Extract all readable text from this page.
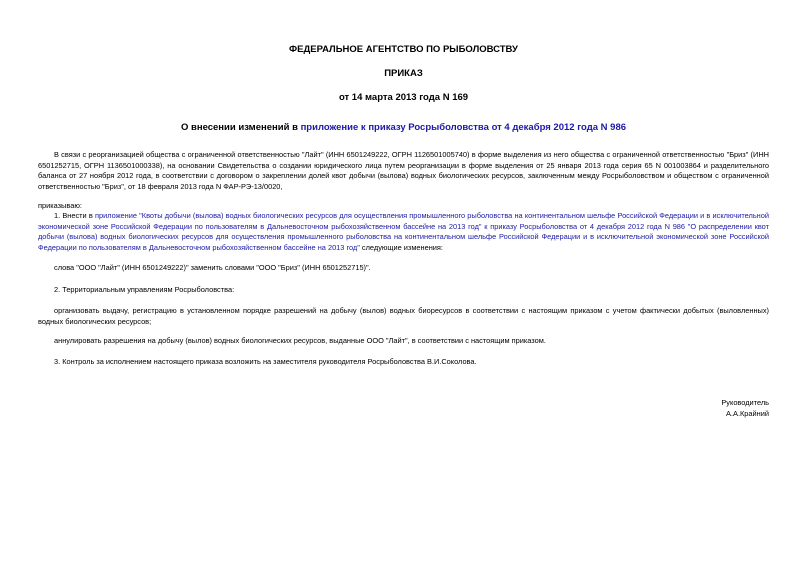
ФЕДЕРАЛЬНОЕ АГЕНТСТВО ПО РЫБОЛОВСТВУ

ПРИКАЗ

от 14 марта 2013 года N 169

О внесении изменений в приложение к приказу Росрыболовства от 4 декабря 2012 года N 986

В связи с реорганизацией общества с ограниченной ответственностью "Лайт" (ИНН 6501249222, ОГРН 1126501005740) в форме выделения из него общества с ограниченной ответственностью "Бриз" (ИНН 6501252715, ОГРН 1136501000338), на основании Свидетельства о создании юридического лица путем реорганизации в форме выделения от 25 января 2013 года серия 65 N 001003864 и разделительного баланса от 27 ноября 2012 года, в соответствии с договором о закреплении долей квот добычи (вылова) водных биологических ресурсов, заключенным между Росрыболовством и обществом с ограниченной ответственностью "Бриз", от 18 февраля 2013 года N ФАР-РЭ-13/0020,

приказываю:

1. Внести в приложение "Квоты добычи (вылова) водных биологических ресурсов для осуществления промышленного рыболовства на континентальном шельфе Российской Федерации и в исключительной экономической зоне Российской Федерации по пользователям в Дальневосточном рыбохозяйственном бассейне на 2013 год" к приказу Росрыболовства от 4 декабря 2012 года N 986 "О распределении квот добычи (вылова) водных биологических ресурсов для осуществления промышленного рыболовства на континентальном шельфе Российской Федерации и в исключительной экономической зоне Российской Федерации по пользователям в Дальневосточном рыбохозяйственном бассейне на 2013 год" следующие изменения:

слова "ООО "Лайт" (ИНН 6501249222)" заменить словами "ООО "Бриз" (ИНН 6501252715)".

2. Территориальным управлениям Росрыболовства:

организовать выдачу, регистрацию в установленном порядке разрешений на добычу (вылов) водных биоресурсов в соответствии с настоящим приказом с учетом фактически добытых (выловленных) водных биологических ресурсов;

аннулировать разрешения на добычу (вылов) водных биологических ресурсов, выданные ООО "Лайт", в соответствии с настоящим приказом.

3. Контроль за исполнением настоящего приказа возложить на заместителя руководителя Росрыболовства В.И.Соколова.

Руководитель

А.А.Крайний
